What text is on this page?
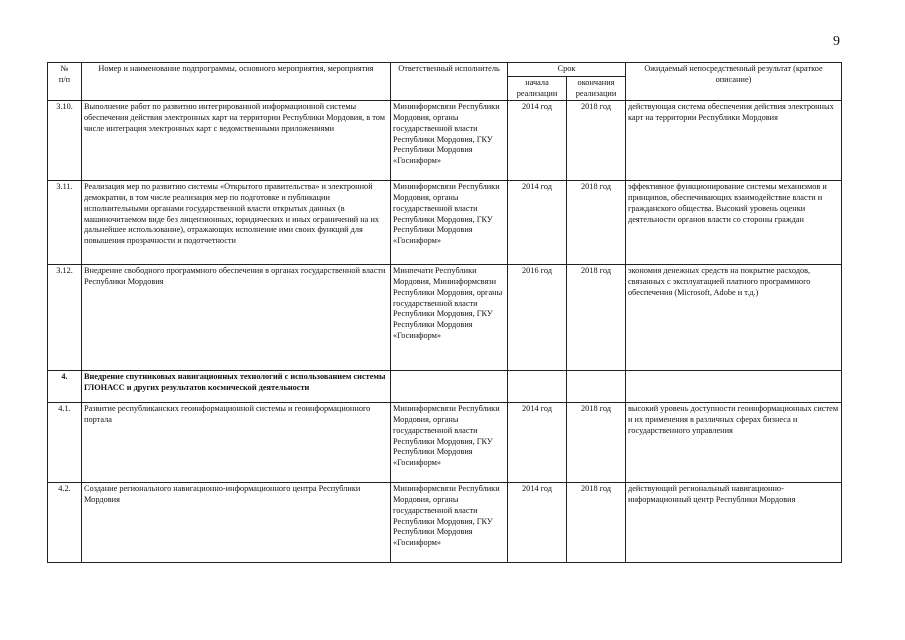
9
№
п/п	Номер и наименование подпрограммы, основного мероприятия, мероприятия	Ответственный исполнитель	Срок		Ожидаемый непосредственный результат (краткое описание)
			начала реализации	окончания реализации	
3.10.	Выполнение работ по развитию интегрированной информационной системы обеспечения действия электронных карт на территории Республики Мордовия, в том числе интеграция электронных карт с ведомственными приложениями	Мининформсвязи Республики Мордовия, органы государственной власти Республики Мордовия, ГКУ Республики Мордовия «Госинформ»	2014 год	2018 год	действующая система обеспечения действия электронных карт на территории Республики Мордовия
3.11.	Реализация мер по развитию системы «Открытого правительства» и электронной демократии, в том числе реализация мер по подготовке и публикации исполнительными органами государственной власти открытых данных (в машиночитаемом виде без лицензионных, юридических и иных ограничений на их дальнейшее использование), отражающих исполнение ими своих функций для повышения прозрачности и подотчетности	Мининформсвязи Республики Мордовия, органы государственной власти Республики Мордовия, ГКУ Республики Мордовия «Госинформ»	2014 год	2018 год	эффективное функционирование системы механизмов и принципов, обеспечивающих взаимодействие власти и гражданского общества. Высокий уровень оценки деятельности органов власти со стороны граждан
3.12.	Внедрение свободного программного обеспечения в органах государственной власти Республики Мордовия	Минпечати Республики Мордовия, Мининформсвязи Республики Мордовия, органы государственной власти Республики Мордовия, ГКУ Республики Мордовия «Госинформ»	2016 год	2018 год	экономия денежных средств на покрытие расходов, связанных с эксплуатацией платного программного обеспечения (Microsoft, Adobe и т.д.)
4.	Внедрение спутниковых навигационных технологий с использованием системы ГЛОНАСС и других результатов космической деятельности				
4.1.	Развитие республиканских геоинформационной системы и геоинформационного портала	Мининформсвязи Республики Мордовия, органы государственной власти Республики Мордовия, ГКУ Республики Мордовия «Госинформ»	2014 год	2018 год	высокий уровень доступности геоинформационных систем и их применения в различных сферах бизнеса и государственного управления
4.2.	Создание регионального навигационно-информационного центра Республики Мордовия	Мининформсвязи Республики Мордовия, органы государственной власти Республики Мордовия, ГКУ Республики Мордовия «Госинформ»	2014 год	2018 год	действующий региональный навигационно-информационный центр Республики Мордовия
